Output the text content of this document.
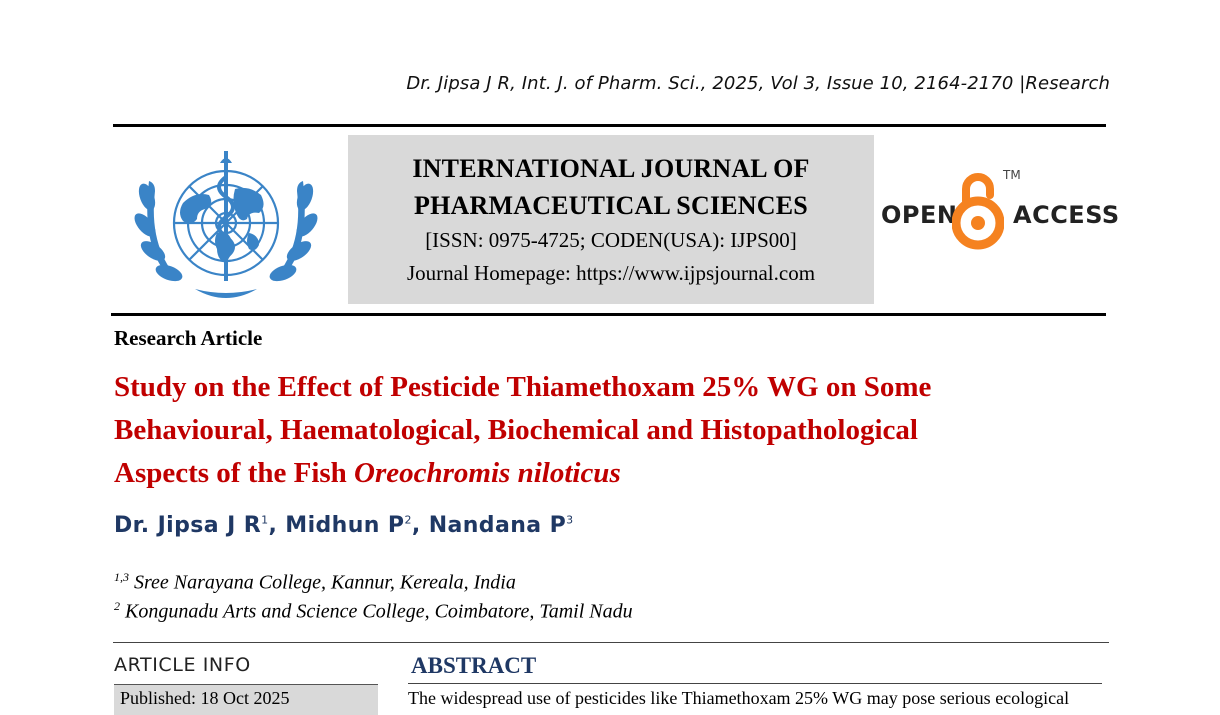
Dr. Jipsa J R, Int. J. of Pharm. Sci., 2025, Vol 3, Issue 10, 2164-2170 |Research
INTERNATIONAL JOURNAL OF
PHARMACEUTICAL SCIENCES
[ISSN: 0975-4725; CODEN(USA): IJPS00]
Journal Homepage: https://www.ijpsjournal.com
OPEN
TM
ACCESS
Research Article
Study on the Effect of Pesticide Thiamethoxam 25% WG on Some
Behavioural, Haematological, Biochemical and Histopathological
Aspects of the Fish Oreochromis niloticus
Dr. Jipsa J $R^1$, Midhun $P^2$, Nandana $P^3$
$^{1,3}$ Sree Narayana College, Kannur, Kereala, India
$^2$ Kongunadu Arts and Science College, Coimbatore, Tamil Nadu
ARTICLE INFO
Published: 18 Oct 2025
ABSTRACT
The widespread use of pesticides like Thiamethoxam 25% WG may pose serious ecological
